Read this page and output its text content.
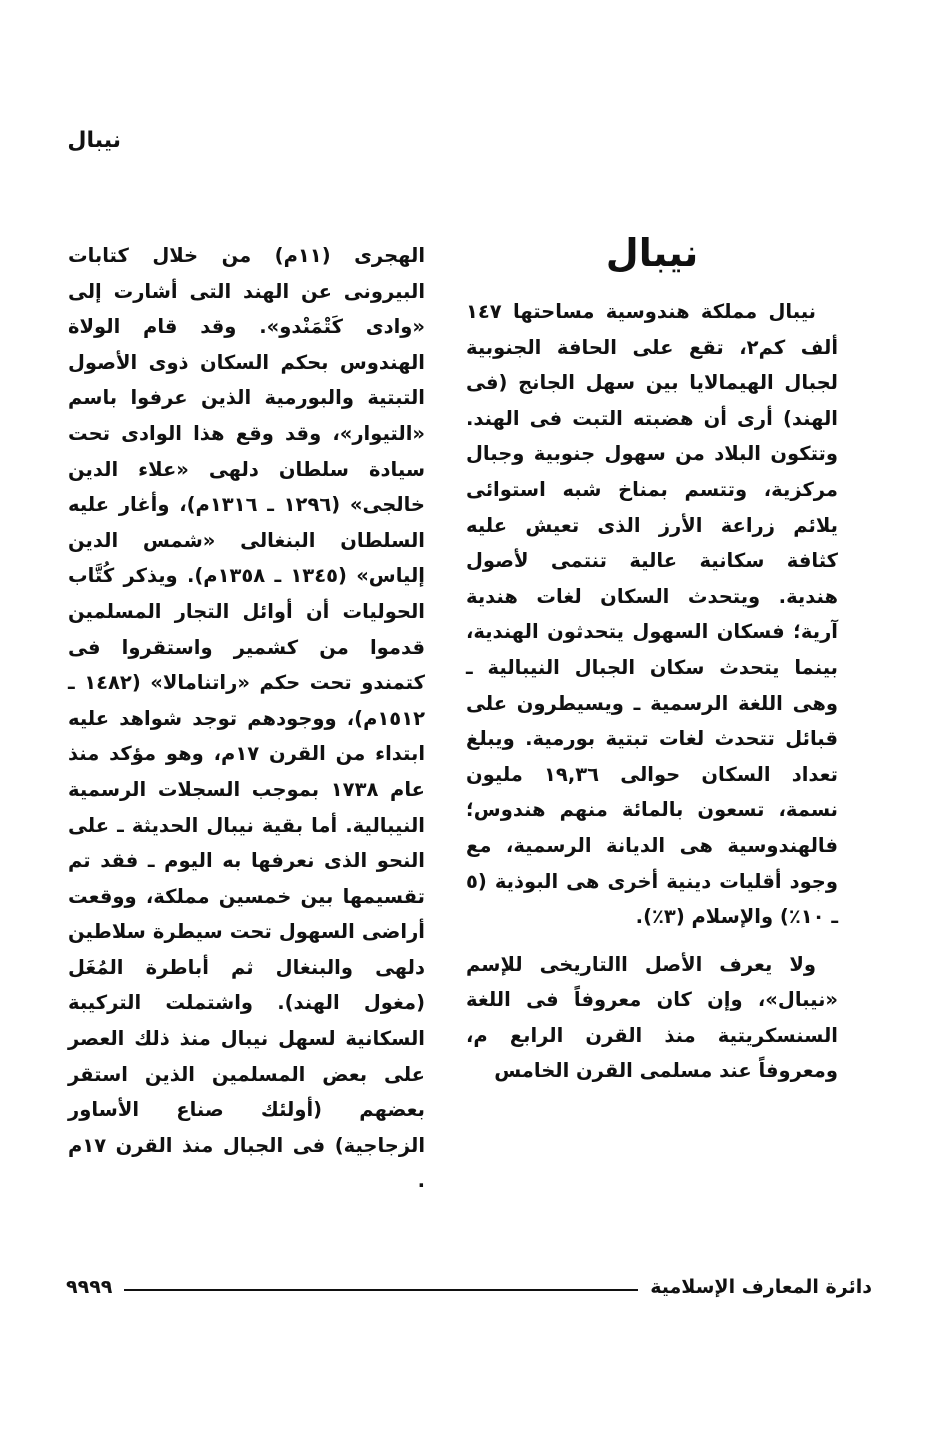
نيبال
نيبال

نيبال مملكة هندوسية مساحتها ١٤٧ ألف كم٢، تقع على الحافة الجنوبية لجبال الهيمالايا بين سهل الجانج (فى الهند) أرى أن هضبته التبت فى الهند. وتتكون البلاد من سهول جنوبية وجبال مركزية، وتتسم بمناخ شبه استوائى يلائم زراعة الأرز الذى تعيش عليه كثافة سكانية عالية تنتمى لأصول هندية. ويتحدث السكان لغات هندية آرية؛ فسكان السهول يتحدثون الهندية، بينما يتحدث سكان الجبال النيبالية ـ وهى اللغة الرسمية ـ ويسيطرون على قبائل تتحدث لغات تبتية بورمية. ويبلغ تعداد السكان حوالى ١٩,٣٦ مليون نسمة، تسعون بالمائة منهم هندوس؛ فالهندوسية هى الديانة الرسمية، مع وجود أقليات دينية أخرى هى البوذية (٥ ـ ١٠٪) والإسلام (٣٪).

ولا يعرف الأصل االتاريخى للإسم «نيبال»، وإن كان معروفاً فى اللغة السنسكريتية منذ القرن الرابع م، ومعروفاً عند مسلمى القرن الخامس

الهجرى (١١م) من خلال كتابات البيرونى عن الهند التى أشارت إلى «وادى كَتْمَنْدو». وقد قام الولاة الهندوس بحكم السكان ذوى الأصول التبتية والبورمية الذين عرفوا باسم «التيوار»، وقد وقع هذا الوادى تحت سيادة سلطان دلهى «علاء الدين خالجى» (١٢٩٦ ـ ١٣١٦م)، وأغار عليه السلطان البنغالى «شمس الدين إلياس» (١٣٤٥ ـ ١٣٥٨م). ويذكر كُتَّاب الحوليات أن أوائل التجار المسلمين قدموا من كشمير واستقروا فى كتمندو تحت حكم «راتنامالا» (١٤٨٢ ـ ١٥١٢م)، ووجودهم توجد شواهد عليه ابتداء من القرن ١٧م، وهو مؤكد منذ عام ١٧٣٨ بموجب السجلات الرسمية النيبالية. أما بقية نيبال الحديثة ـ على النحو الذى نعرفها به اليوم ـ فقد تم تقسيمها بين خمسين مملكة، ووقعت أراضى السهول تحت سيطرة سلاطين دلهى والبنغال ثم أباطرة المُغَل (مغول الهند). واشتملت التركيبة السكانية لسهل نيبال منذ ذلك العصر على بعض المسلمين الذين استقر بعضهم (أولئك صناع الأساور الزجاجية) فى الجبال منذ القرن ١٧م .

دائرة المعارف الإسلامية
٩٩٩٩
